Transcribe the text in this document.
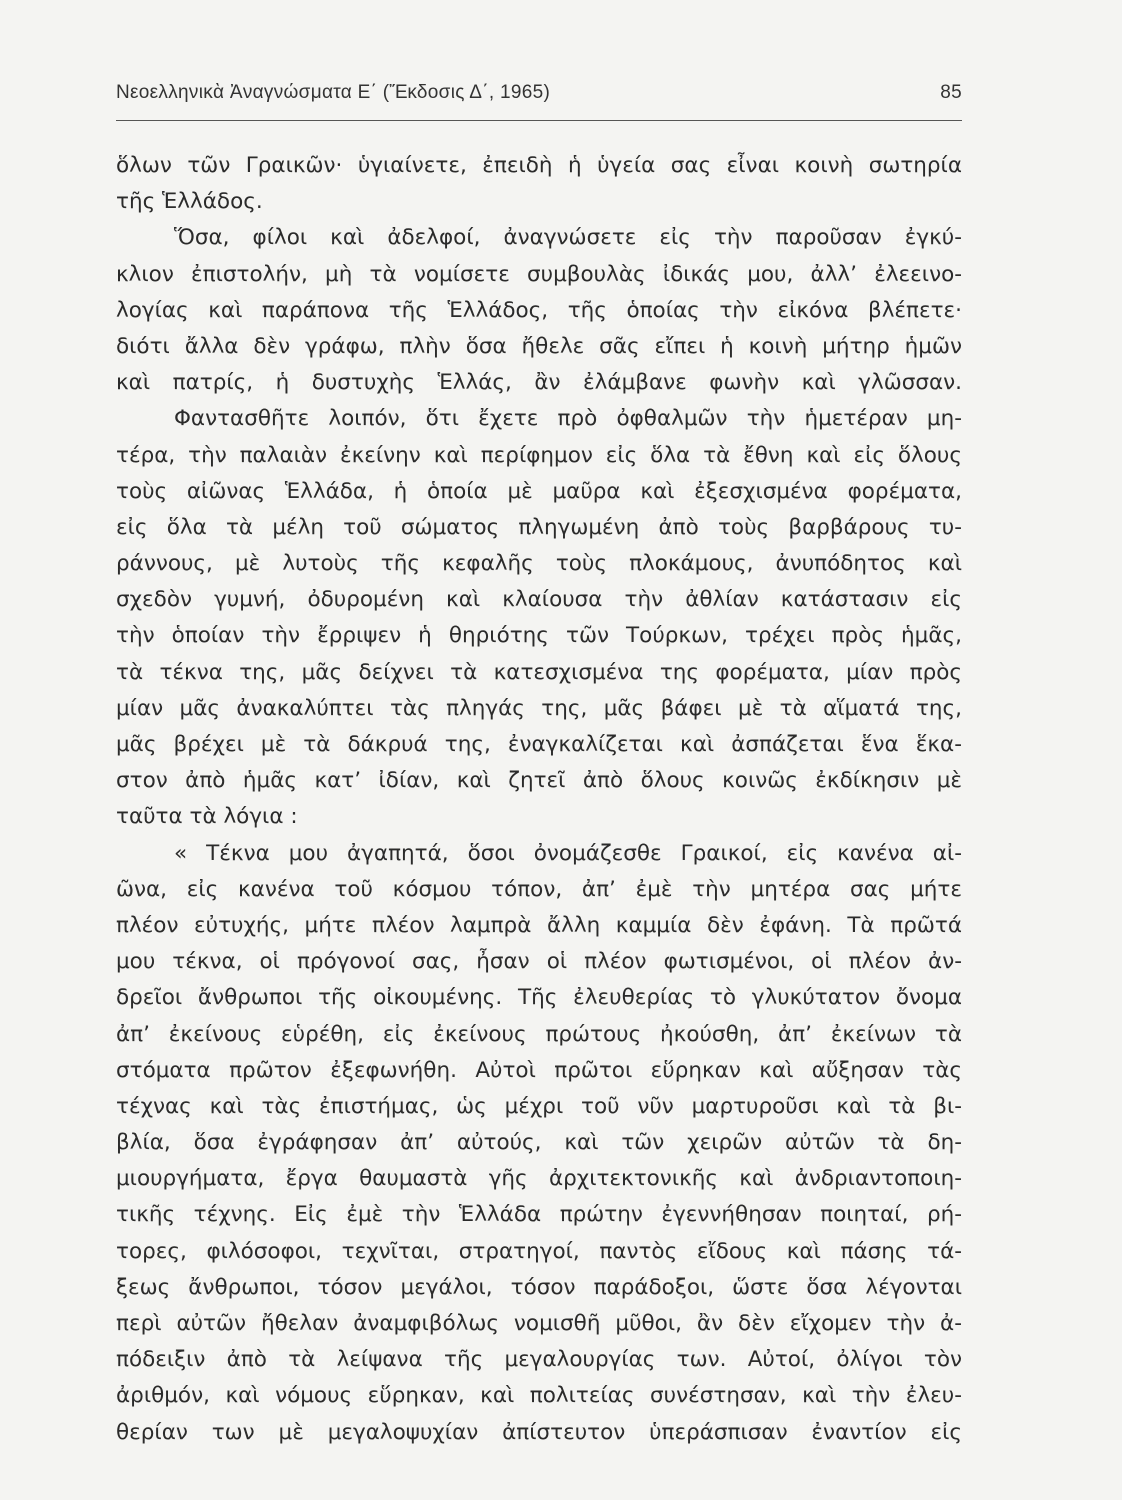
Νεοελληνικὰ Ἀναγνώσματα Ε΄ (Ἔκδοσις Δ΄, 1965)	85
ὅλων τῶν Γραικῶν· ὑγιαίνετε, ἐπειδὴ ἡ ὑγεία σας εἶναι κοινὴ σωτηρία
τῆς Ἑλλάδος.
Ὅσα, φίλοι καὶ ἀδελφοί, ἀναγνώσετε εἰς τὴν παροῦσαν ἐγκύ-
κλιον ἐπιστολήν, μὴ τὰ νομίσετε συμβουλὰς ἰδικάς μου, ἀλλ’ ἐλεεινο-
λογίας καὶ παράπονα τῆς Ἑλλάδος, τῆς ὁποίας τὴν εἰκόνα βλέπετε·
διότι ἄλλα δὲν γράφω, πλὴν ὅσα ἤθελε σᾶς εἴπει ἡ κοινὴ μήτηρ ἡμῶν
καὶ πατρίς, ἡ δυστυχὴς Ἑλλάς, ἂν ἐλάμβανε φωνὴν καὶ γλῶσσαν.
Φαντασθῆτε λοιπόν, ὅτι ἔχετε πρὸ ὀφθαλμῶν τὴν ἡμετέραν μη-
τέρα, τὴν παλαιὰν ἐκείνην καὶ περίφημον εἰς ὅλα τὰ ἔθνη καὶ εἰς ὅλους
τοὺς αἰῶνας Ἑλλάδα, ἡ ὁποία μὲ μαῦρα καὶ ἐξεσχισμένα φορέματα,
εἰς ὅλα τὰ μέλη τοῦ σώματος πληγωμένη ἀπὸ τοὺς βαρβάρους τυ-
ράννους, μὲ λυτοὺς τῆς κεφαλῆς τοὺς πλοκάμους, ἀνυπόδητος καὶ
σχεδὸν γυμνή, ὀδυρομένη καὶ κλαίουσα τὴν ἀθλίαν κατάστασιν εἰς
τὴν ὁποίαν τὴν ἔρριψεν ἡ θηριότης τῶν Τούρκων, τρέχει πρὸς ἡμᾶς,
τὰ τέκνα της, μᾶς δείχνει τὰ κατεσχισμένα της φορέματα, μίαν πρὸς
μίαν μᾶς ἀνακαλύπτει τὰς πληγάς της, μᾶς βάφει μὲ τὰ αἵματά της,
μᾶς βρέχει μὲ τὰ δάκρυά της, ἐναγκαλίζεται καὶ ἀσπάζεται ἕνα ἕκα-
στον ἀπὸ ἡμᾶς κατ’ ἰδίαν, καὶ ζητεῖ ἀπὸ ὅλους κοινῶς ἐκδίκησιν μὲ
ταῦτα τὰ λόγια :
« Τέκνα μου ἀγαπητά, ὅσοι ὀνομάζεσθε Γραικοί, εἰς κανένα αἰ-
ῶνα, εἰς κανένα τοῦ κόσμου τόπον, ἀπ’ ἐμὲ τὴν μητέρα σας μήτε
πλέον εὐτυχής, μήτε πλέον λαμπρὰ ἄλλη καμμία δὲν ἐφάνη. Τὰ πρῶτά
μου τέκνα, οἱ πρόγονοί σας, ἦσαν οἱ πλέον φωτισμένοι, οἱ πλέον ἀν-
δρεῖοι ἄνθρωποι τῆς οἰκουμένης. Τῆς ἐλευθερίας τὸ γλυκύτατον ὄνομα
ἀπ’ ἐκείνους εὑρέθη, εἰς ἐκείνους πρώτους ἠκούσθη, ἀπ’ ἐκείνων τὰ
στόματα πρῶτον ἐξεφωνήθη. Αὐτοὶ πρῶτοι εὕρηκαν καὶ αὔξησαν τὰς
τέχνας καὶ τὰς ἐπιστήμας, ὡς μέχρι τοῦ νῦν μαρτυροῦσι καὶ τὰ βι-
βλία, ὅσα ἐγράφησαν ἀπ’ αὐτούς, καὶ τῶν χειρῶν αὐτῶν τὰ δη-
μιουργήματα, ἔργα θαυμαστὰ γῆς ἀρχιτεκτονικῆς καὶ ἀνδριαντοποιη-
τικῆς τέχνης. Εἰς ἐμὲ τὴν Ἑλλάδα πρώτην ἐγεννήθησαν ποιηταί, ρή-
τορες, φιλόσοφοι, τεχνῖται, στρατηγοί, παντὸς εἴδους καὶ πάσης τά-
ξεως ἄνθρωποι, τόσον μεγάλοι, τόσον παράδοξοι, ὥστε ὅσα λέγονται
περὶ αὐτῶν ἤθελαν ἀναμφιβόλως νομισθῆ μῦθοι, ἂν δὲν εἴχομεν τὴν ἀ-
πόδειξιν ἀπὸ τὰ λείψανα τῆς μεγαλουργίας των. Αὐτοί, ὀλίγοι τὸν
ἀριθμόν, καὶ νόμους εὕρηκαν, καὶ πολιτείας συνέστησαν, καὶ τὴν ἐλευ-
θερίαν των μὲ μεγαλοψυχίαν ἀπίστευτον ὑπεράσπισαν ἐναντίον εἰς
